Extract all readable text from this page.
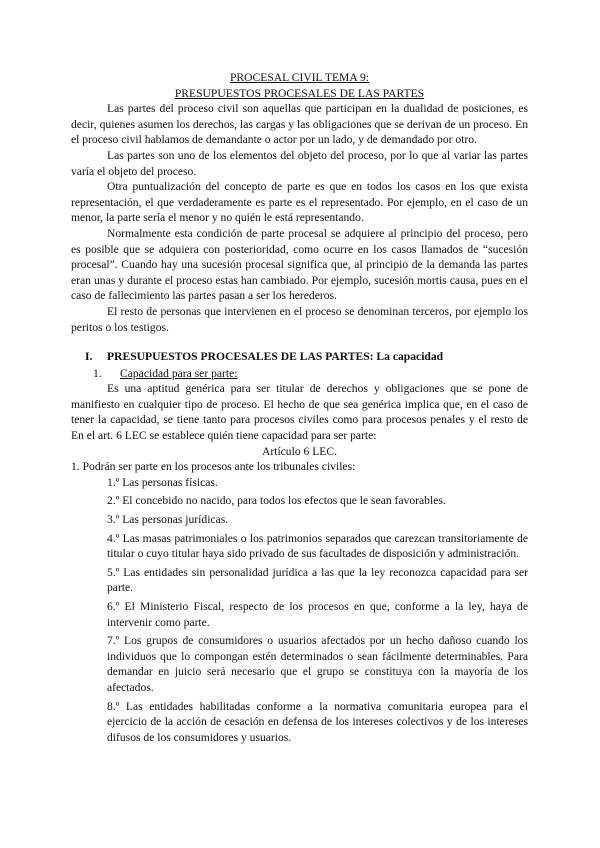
PROCESAL CIVIL TEMA 9:
PRESUPUESTOS PROCESALES DE LAS PARTES

Las partes del proceso civil son aquellas que participan en la dualidad de posiciones, es decir, quienes asumen los derechos, las cargas y las obligaciones que se derivan de un proceso. En el proceso civil hablamos de demandante o actor por un lado, y de demandado por otro.

Las partes son uno de los elementos del objeto del proceso, por lo que al variar las partes varía el objeto del proceso.

Otra puntualización del concepto de parte es que en todos los casos en los que exista representación, el que verdaderamente es parte es el representado. Por ejemplo, en el caso de un menor, la parte sería el menor y no quién le está representando.

Normalmente esta condición de parte procesal se adquiere al principio del proceso, pero es posible que se adquiera con posterioridad, como ocurre en los casos llamados de “sucesión procesal”. Cuando hay una sucesión procesal significa que, al principio de la demanda las partes eran unas y durante el proceso estas han cambiado. Por ejemplo, sucesión mortis causa, pues en el caso de fallecimiento las partes pasan a ser los herederos.

El resto de personas que intervienen en el proceso se denominan terceros, por ejemplo los peritos o los testigos.

I.	PRESUPUESTOS PROCESALES DE LAS PARTES: La capacidad
1.	Capacidad para ser parte:

Es una aptitud genérica para ser titular de derechos y obligaciones que se pone de manifiesto en cualquier tipo de proceso. El hecho de que sea genérica implica que, en el caso de tener la capacidad, se tiene tanto para procesos civiles como para procesos penales y el resto de En el art. 6 LEC se establece quién tiene capacidad para ser parte:

Artículo 6 LEC.

1. Podrán ser parte en los procesos ante los tribunales civiles:

1.º Las personas físicas.

2.º El concebido no nacido, para todos los efectos que le sean favorables.

3.º Las personas jurídicas.

4.º Las masas patrimoniales o los patrimonios separados que carezcan transitoriamente de titular o cuyo titular haya sido privado de sus facultades de disposición y administración.

5.º Las entidades sin personalidad jurídica a las que la ley reconozca capacidad para ser parte.

6.º El Ministerio Fiscal, respecto de los procesos en que, conforme a la ley, haya de intervenir como parte.

7.º Los grupos de consumidores o usuarios afectados por un hecho dañoso cuando los individuos que lo compongan estén determinados o sean fácilmente determinables. Para demandar en juicio será necesario que el grupo se constituya con la mayoría de los afectados.

8.º Las entidades habilitadas conforme a la normativa comunitaria europea para el ejercicio de la acción de cesación en defensa de los intereses colectivos y de los intereses difusos de los consumidores y usuarios.
